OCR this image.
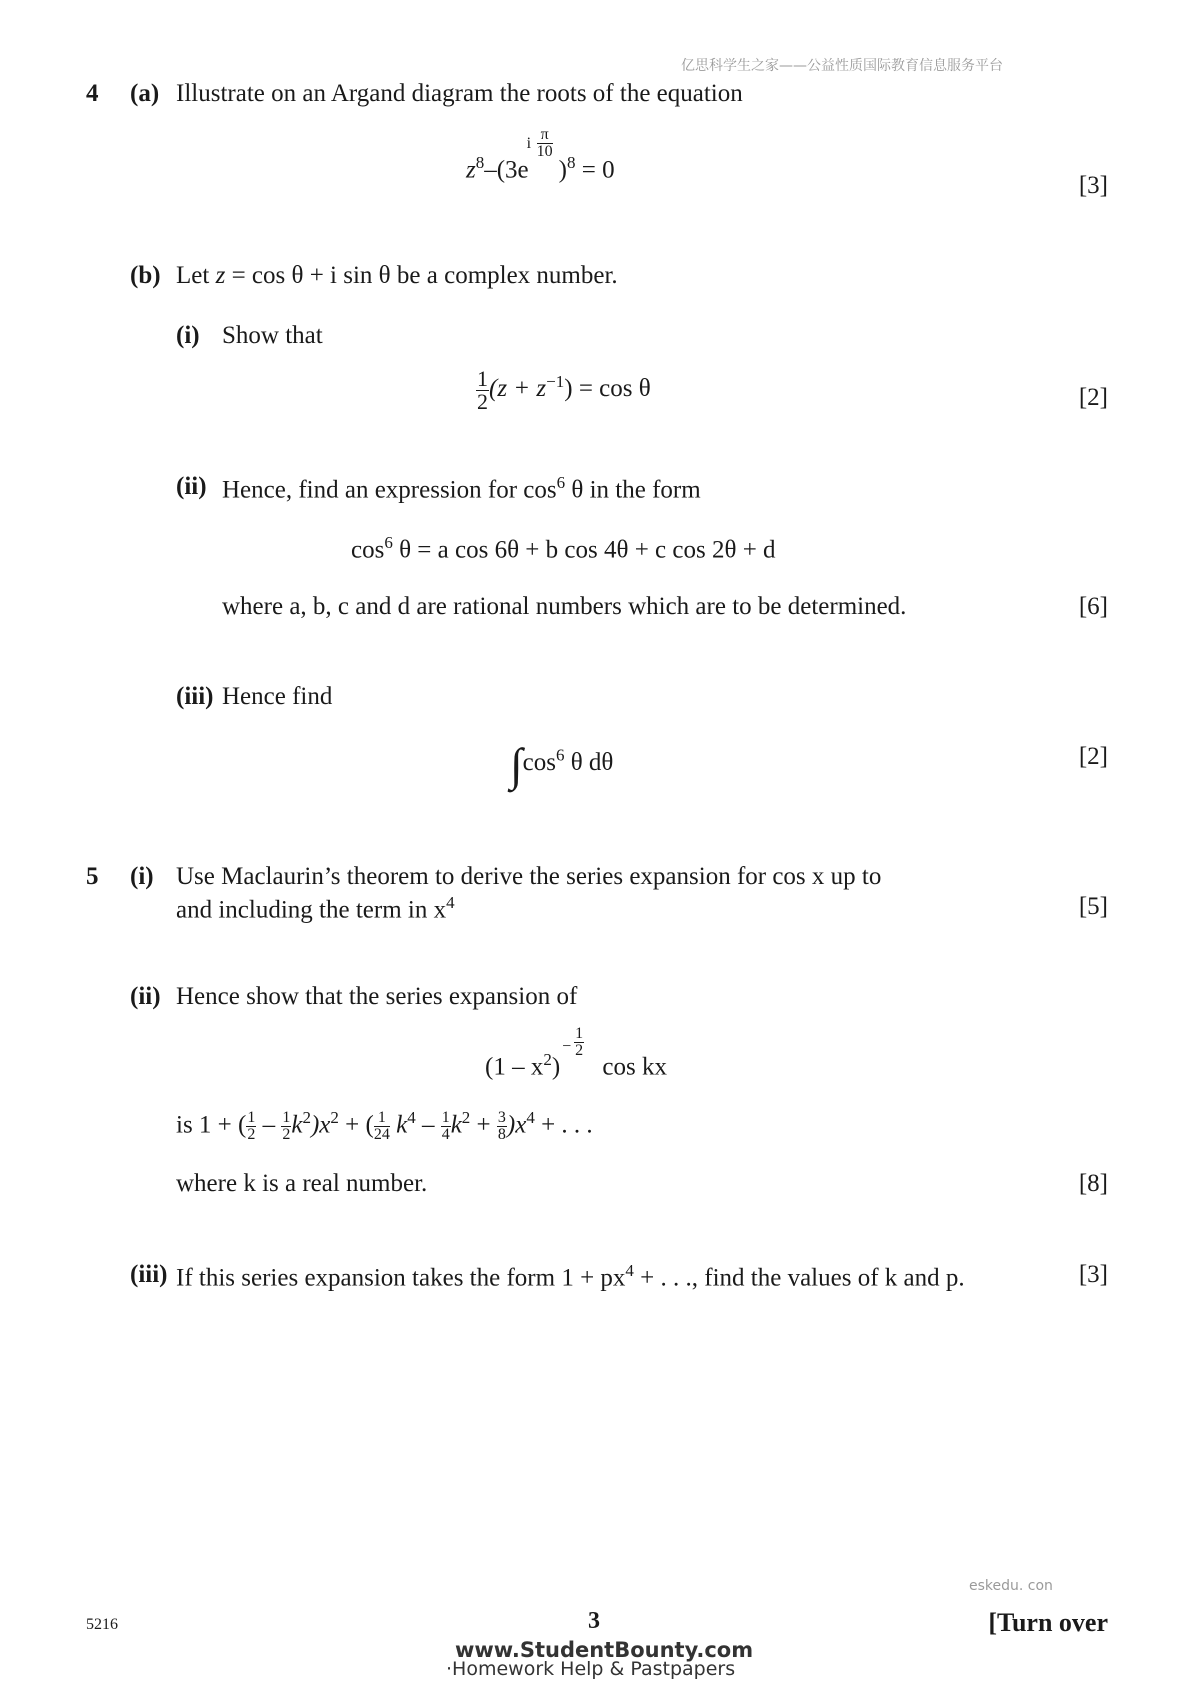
亿思科学生之家——公益性质国际教育信息服务平台
4 (a) Illustrate on an Argand diagram the roots of the equation
$z^8-(3e$
i $\frac{\pi}{10}$
)$^8$ = 0
[3]
(b) Let z = cos θ + i sin θ be a complex number.
(i) Show that
$\frac{1}{2} (z + z^{-1}) = \cos \theta$	[2]
(ii) Hence, find an expression for $\cos^6 \theta$ in the form
$\cos^6 \theta = a$ cos 6θ + b cos 4θ + c cos 2θ + d
where a, b, c and d are rational numbers which are to be determined.	[6]
(iii) Hence find
$\int\cos^6$ θ dθ	[2]
5 (i) Use Maclaurin’s theorem to derive the series expansion for cos x up to
and including the term in $x^4$	[5]
(ii) Hence show that the series expansion of
$(1 - x^2)$
− $\frac{1}{2}$
cos kx
is 1 + ( $\frac{1}{2} - \frac{1}{2} k^2)x^2$ + ( $\frac{1}{24} k^4 - \frac{1}{4} k^2 + \frac{3}{8} )x^4$ + . . .
where k is a real number.	[8]
(iii) If this series expansion takes the form $1 + px^4$ + . . ., find the values of k and p.	[3]
eskedu. con
5216	3	[Turn over
www.StudentBounty.com
·Homework Help & Pastpapers
